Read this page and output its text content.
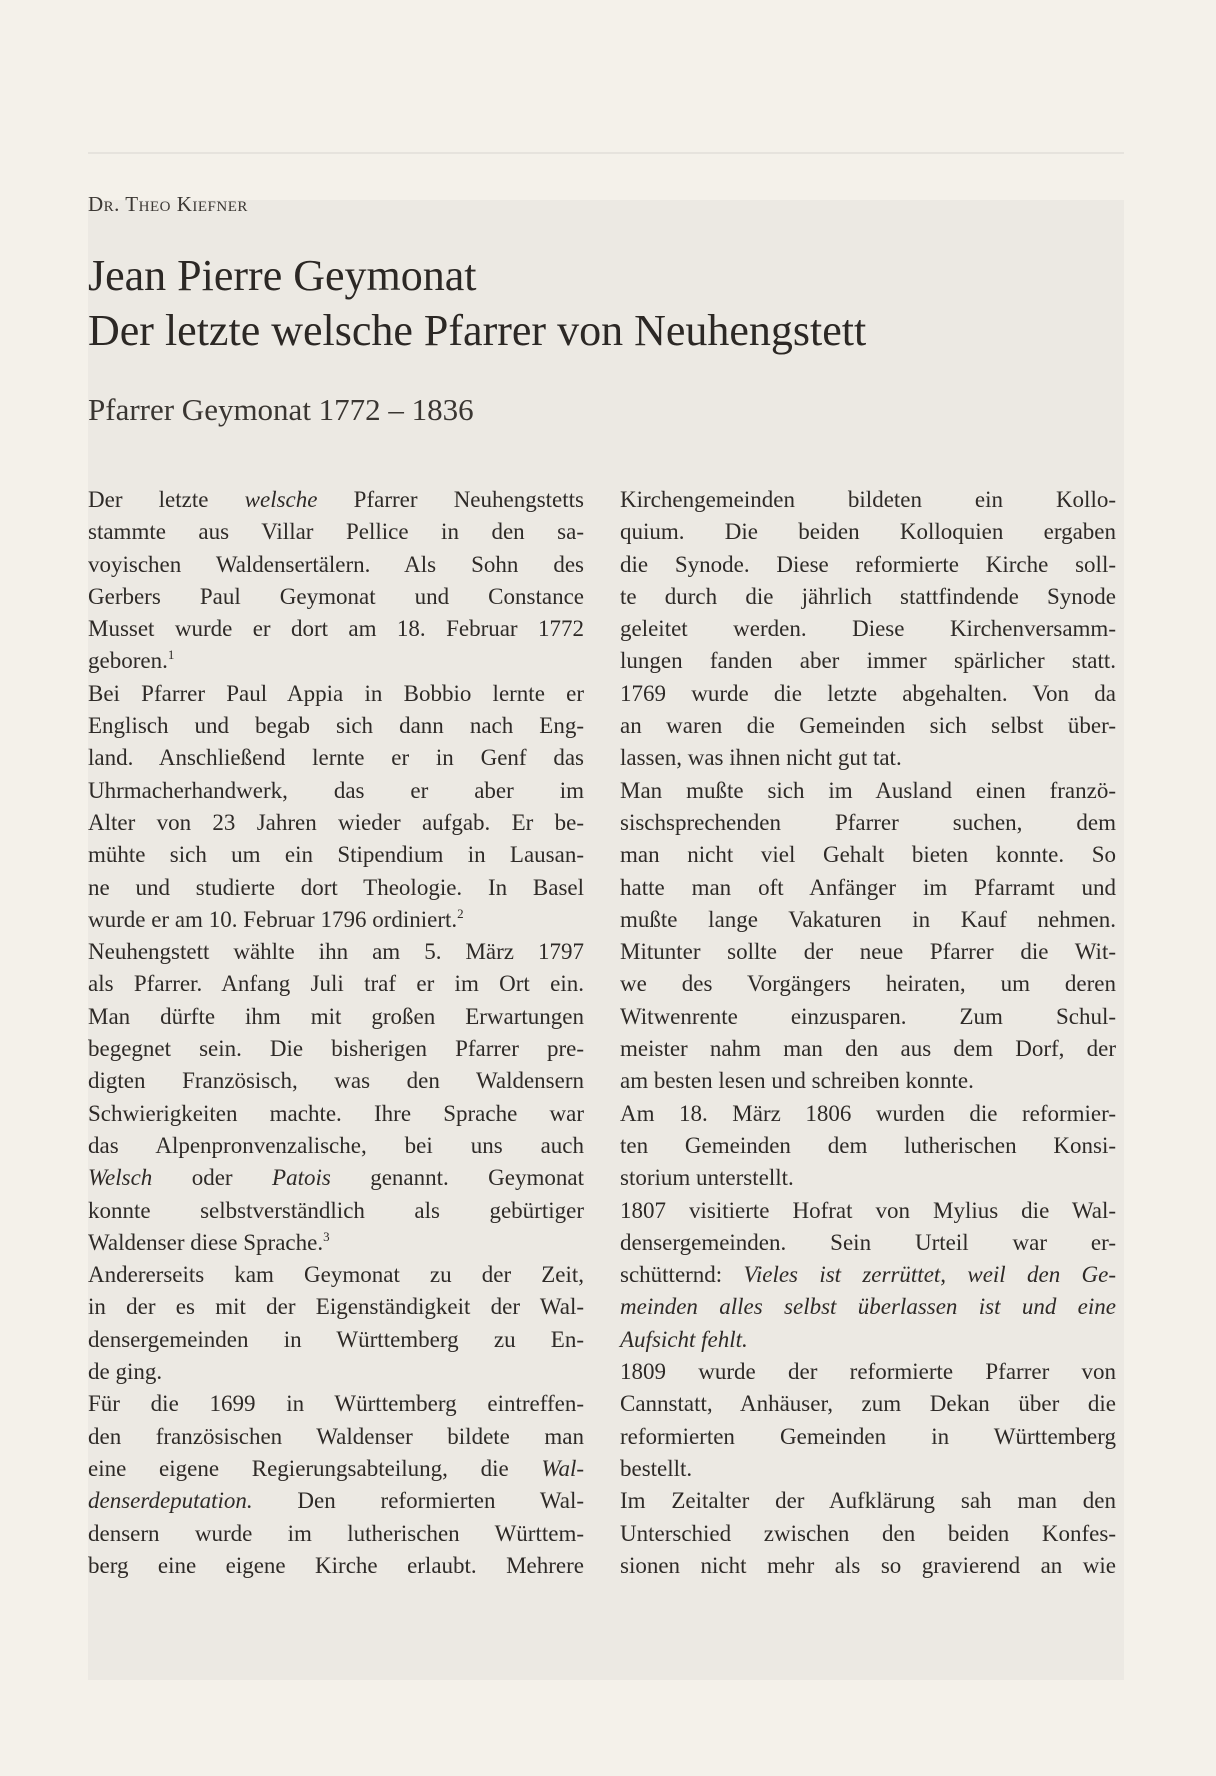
Dr. Theo Kiefner
Jean Pierre Geymonat
Der letzte welsche Pfarrer von Neuhengstett
Pfarrer Geymonat 1772 – 1836
Der letzte welsche Pfarrer Neuhengstetts
stammte aus Villar Pellice in den sa-
voyischen Waldensertälern. Als Sohn des
Gerbers Paul Geymonat und Constance
Musset wurde er dort am 18. Februar 1772
geboren.$^1$
Bei Pfarrer Paul Appia in Bobbio lernte er
Englisch und begab sich dann nach Eng-
land. Anschließend lernte er in Genf das
Uhrmacherhandwerk, das er aber im
Alter von 23 Jahren wieder aufgab. Er be-
mühte sich um ein Stipendium in Lausan-
ne und studierte dort Theologie. In Basel
wurde er am 10. Februar 1796 ordiniert.$^2$
Neuhengstett wählte ihn am 5. März 1797
als Pfarrer. Anfang Juli traf er im Ort ein.
Man dürfte ihm mit großen Erwartungen
begegnet sein. Die bisherigen Pfarrer pre-
digten Französisch, was den Waldensern
Schwierigkeiten machte. Ihre Sprache war
das Alpenpronvenzalische, bei uns auch
Welsch oder Patois genannt. Geymonat
konnte selbstverständlich als gebürtiger
Waldenser diese Sprache.$^3$
Andererseits kam Geymonat zu der Zeit,
in der es mit der Eigenständigkeit der Wal-
densergemeinden in Württemberg zu En-
de ging.
Für die 1699 in Württemberg eintreffen-
den französischen Waldenser bildete man
eine eigene Regierungsabteilung, die Wal-
denserdeputation. Den reformierten Wal-
densern wurde im lutherischen Württem-
berg eine eigene Kirche erlaubt. Mehrere
Kirchengemeinden bildeten ein Kollo-
quium. Die beiden Kolloquien ergaben
die Synode. Diese reformierte Kirche soll-
te durch die jährlich stattfindende Synode
geleitet werden. Diese Kirchenversamm-
lungen fanden aber immer spärlicher statt.
1769 wurde die letzte abgehalten. Von da
an waren die Gemeinden sich selbst über-
lassen, was ihnen nicht gut tat.
Man mußte sich im Ausland einen franzö-
sischsprechenden Pfarrer suchen, dem
man nicht viel Gehalt bieten konnte. So
hatte man oft Anfänger im Pfarramt und
mußte lange Vakaturen in Kauf nehmen.
Mitunter sollte der neue Pfarrer die Wit-
we des Vorgängers heiraten, um deren
Witwenrente einzusparen. Zum Schul-
meister nahm man den aus dem Dorf, der
am besten lesen und schreiben konnte.
Am 18. März 1806 wurden die reformier-
ten Gemeinden dem lutherischen Konsi-
storium unterstellt.
1807 visitierte Hofrat von Mylius die Wal-
densergemeinden. Sein Urteil war er-
schütternd: Vieles ist zerrüttet, weil den Ge-
meinden alles selbst überlassen ist und eine
Aufsicht fehlt.
1809 wurde der reformierte Pfarrer von
Cannstatt, Anhäuser, zum Dekan über die
reformierten Gemeinden in Württemberg
bestellt.
Im Zeitalter der Aufklärung sah man den
Unterschied zwischen den beiden Konfes-
sionen nicht mehr als so gravierend an wie
